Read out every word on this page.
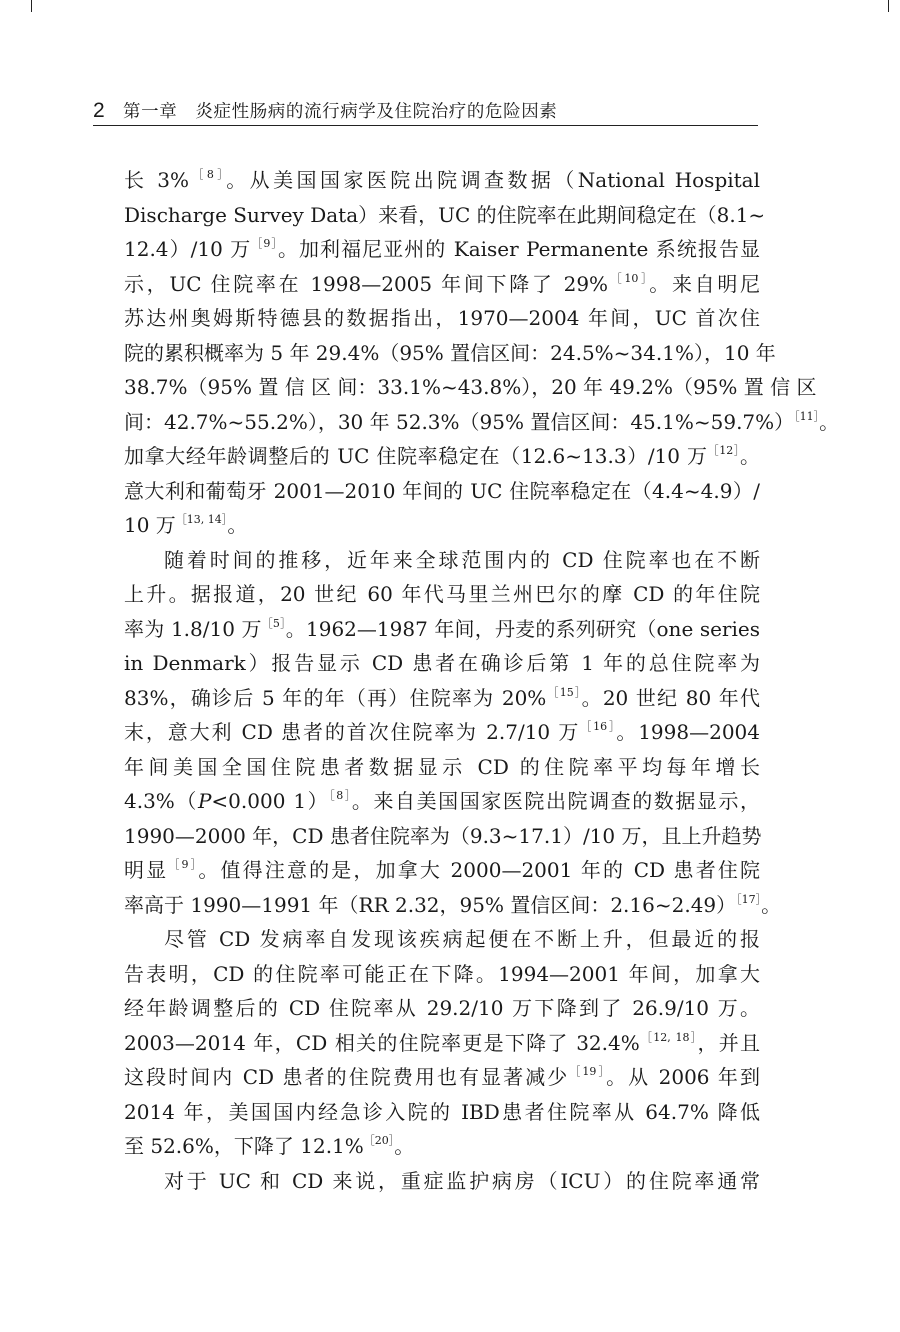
2 第一章　炎症性肠病的流行病学及住院治疗的危险因素
长 3%$^{[8]}$。从美国国家医院出院调查数据（National Hospital
Discharge Survey Data）来看，UC 的住院率在此期间稳定在（8.1~
12.4）/10 万$^{[9]}$。加利福尼亚州的 Kaiser Permanente 系统报告显
示，UC 住院率在 1998—2005 年间下降了 29%$^{[10]}$。来自明尼
苏达州奥姆斯特德县的数据指出，1970—2004 年间，UC 首次住
院的累积概率为 5 年 29.4%（95% 置信区间：24.5%~34.1%），10 年
38.7%（95% 置 信 区 间：33.1%~43.8%），20 年 49.2%（95% 置 信 区
间：42.7%~55.2%），30 年 52.3%（95% 置信区间：45.1%~59.7%）$^{[11]}$。
加拿大经年龄调整后的 UC 住院率稳定在（12.6~13.3）/10 万$^{[12]}$。
意大利和葡萄牙 2001—2010 年间的 UC 住院率稳定在（4.4~4.9）/
10 万$^{[13, 14]}$。
随着时间的推移，近年来全球范围内的 CD 住院率也在不断
上升。据报道，20 世纪 60 年代马里兰州巴尔的摩 CD 的年住院
率为 1.8/10 万$^{[5]}$。1962—1987 年间，丹麦的系列研究（one series
in Denmark）报告显示 CD 患者在确诊后第 1 年的总住院率为
83%，确诊后 5 年的年（再）住院率为 20%$^{[15]}$。20 世纪 80 年代
末，意大利 CD 患者的首次住院率为 2.7/10 万$^{[16]}$。1998—2004
年间美国全国住院患者数据显示 CD 的住院率平均每年增长
4.3%（P<0.000 1）$^{[8]}$。来自美国国家医院出院调查的数据显示，
1990—2000 年，CD 患者住院率为（9.3~17.1）/10 万，且上升趋势
明显$^{[9]}$。值得注意的是，加拿大 2000—2001 年的 CD 患者住院
率高于 1990—1991 年（RR 2.32，95% 置信区间：2.16~2.49）$^{[17]}$。
尽管 CD 发病率自发现该疾病起便在不断上升，但最近的报
告表明，CD 的住院率可能正在下降。1994—2001 年间，加拿大
经年龄调整后的 CD 住院率从 29.2/10 万下降到了 26.9/10 万。
2003—2014 年，CD 相关的住院率更是下降了 32.4%$^{[12, 18]}$，并且
这段时间内 CD 患者的住院费用也有显著减少$^{[19]}$。从 2006 年到
2014 年，美国国内经急诊入院的 IBD患者住院率从 64.7% 降低
至 52.6%，下降了 12.1%$^{[20]}$。
对于 UC 和 CD 来说，重症监护病房（ICU）的住院率通常
